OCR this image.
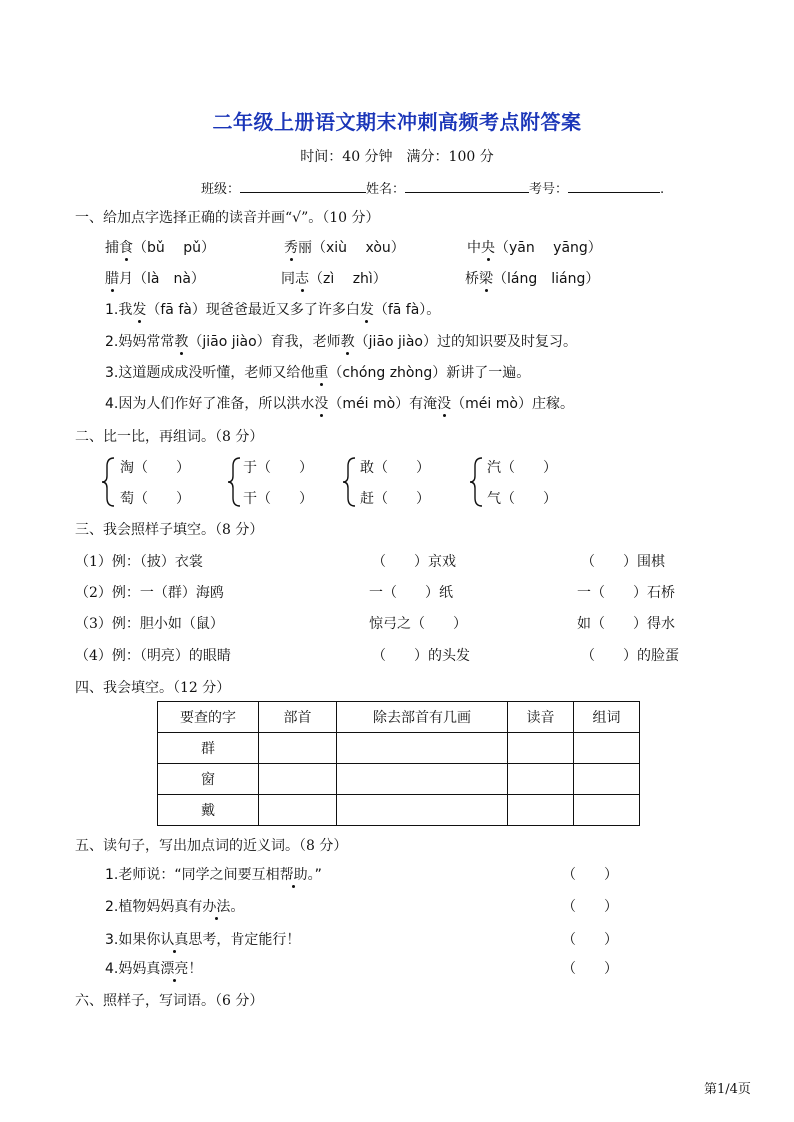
二年级上册语文期末冲刺高频考点附答案
时间：40 分钟　满分：100 分
班级：	姓名：	考号：	.
一、给加点字选择正确的读音并画“√”。（10 分）
捕食（bǔ　 pǔ）	秀丽（xiù　 xòu）	中央（yān　 yāng）
腊月（là　nà）	同志（zì　 zhì）	桥梁（láng　liáng）
1.我发（fā fà）现爸爸最近又多了许多白发（fā fà）。
2.妈妈常常教（jiāo jiào）育我，老师教（jiāo jiào）过的知识要及时复习。
3.这道题成成没听懂，老师又给他重（chóng zhòng）新讲了一遍。
4.因为人们作好了准备，所以洪水没（méi mò）有淹没（méi mò）庄稼。
二、比一比，再组词。（8 分）
淘（　　）
萄（　　）
于（　　）
干（　　）
敢（　　）
赶（　　）
汽（　　）
气（　　）
三、我会照样子填空。（8 分）
（1）例：（披）衣裳	（　　）京戏	（　　）围棋
（2）例：一（群）海鸥	一（　　）纸	一（　　）石桥
（3）例：胆小如（鼠）	惊弓之（　　）	如（　　）得水
（4）例：（明亮）的眼睛	（　　）的头发	（　　）的脸蛋
四、我会填空。（12 分）
要查的字	部首	除去部首有几画	读音	组词
群				
窗				
戴				
五、读句子，写出加点词的近义词。（8 分）
1.老师说：“同学之间要互相帮助。”	（　　）
2.植物妈妈真有办法。	（　　）
3.如果你认真思考，肯定能行！	（　　）
4.妈妈真漂亮！	（　　）
六、照样子，写词语。（6 分）
第1/4页
